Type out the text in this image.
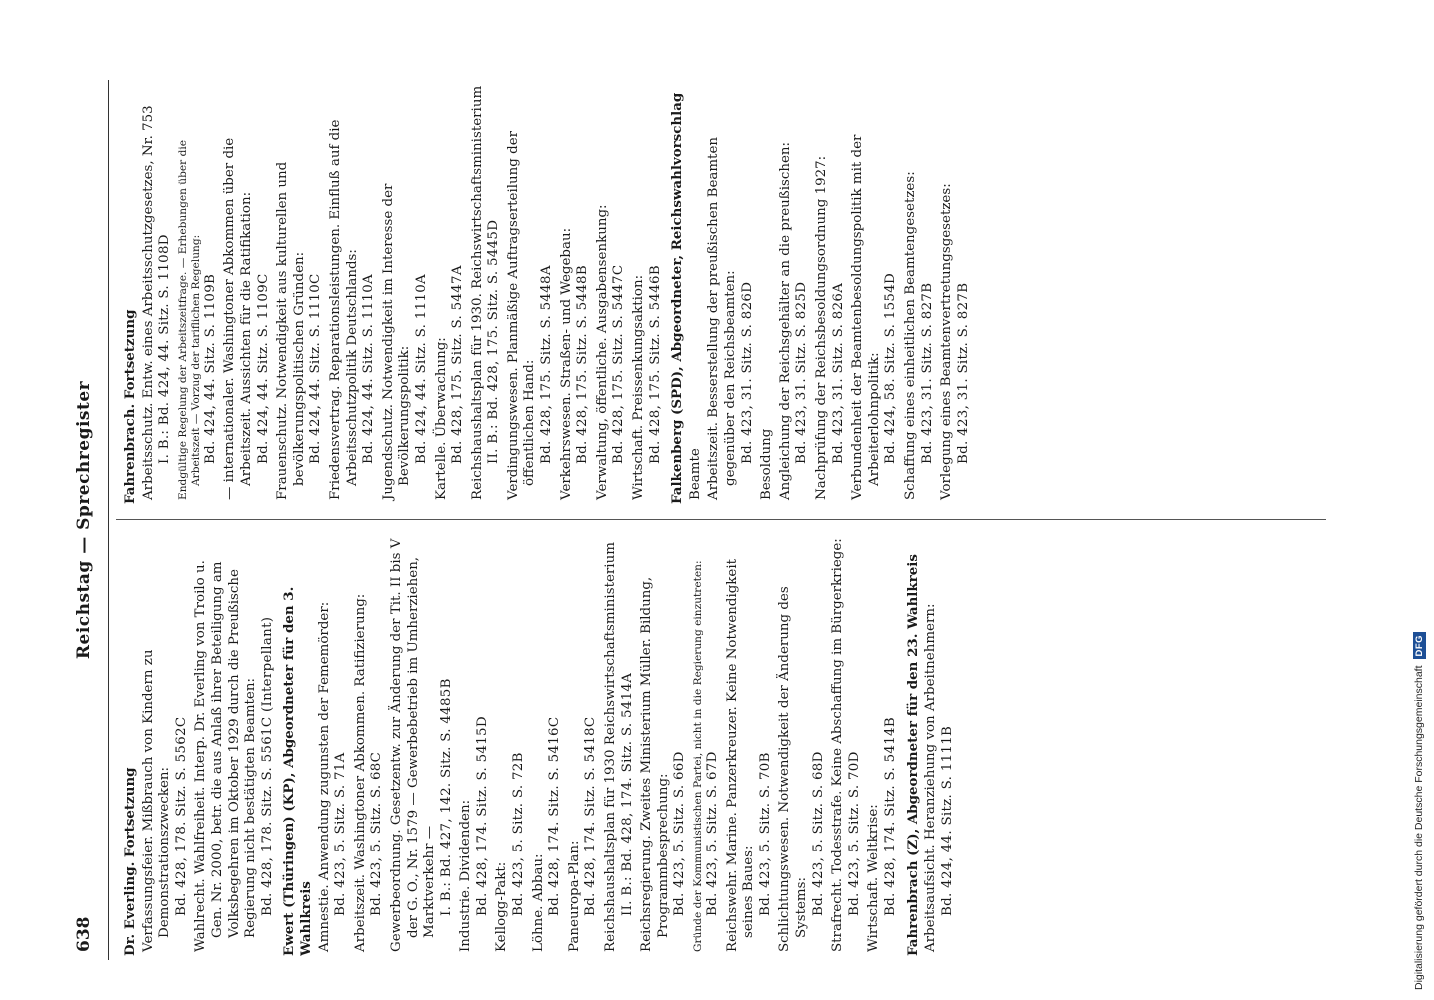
638
Reichstag — Sprechregister
Dr. Everling. Fortsetzung Verfassungsfeier. Mißbrauch von Kindern zu Demonstrationszwecken: Bd. 428, 178. Sitz. S. 5562C Wahlrecht. Wahlfreiheit. Interp. Dr. Everling von Troilo u. Gen. Nr. 2000, betr. die aus Anlaß ihrer Beteiligung am Volksbegehren im Oktober 1929 durch die Preußische Regierung nicht bestätigten Beamten: Bd. 428, 178. Sitz. S. 5561C (Interpellant) Ewert (Thüringen) (KP), Abgeordneter für den 3. Wahlkreis Amnestie. Anwendung zugunsten der Fememörder: Bd. 423, 5. Sitz. S. 71A Arbeitszeit. Washingtoner Abkommen. Ratifizierung: Bd. 423, 5. Sitz. S. 68C Gewerbeordnung. Gesetzentw. zur Änderung der Tit. II bis V der G. O., Nr. 1579 — Gewerbebetrieb im Umherziehen, Marktverkehr — I. B.: Bd. 427, 142. Sitz. S. 4485B Industrie. Dividenden: Bd. 428, 174. Sitz. S. 5415D Kellogg-Pakt: Bd. 423, 5. Sitz. S. 72B Löhne. Abbau: Bd. 428, 174. Sitz. S. 5416C Paneuropa-Plan: Bd. 428, 174. Sitz. S. 5418C Reichshaushaltsplan für 1930 Reichswirtschaftsministerium II. B.: Bd. 428, 174. Sitz. S. 5414A Reichsregierung. Zweites Ministerium Müller. Bildung, Programmbesprechung: Bd. 423, 5. Sitz. S. 66D Gründe der Kommunistischen Partei, nicht in die Regierung einzutreten: Bd. 423, 5. Sitz. S. 67D Reichswehr. Marine. Panzerkreuzer. Keine Notwendigkeit seines Baues: Bd. 423, 5. Sitz. S. 70B Schlichtungswesen. Notwendigkeit der Änderung des Systems: Bd. 423, 5. Sitz. S. 68D Strafrecht. Todesstrafe. Keine Abschaffung im Bürgerkriege: Bd. 423, 5. Sitz. S. 70D Wirtschaft. Weltkrise: Bd. 428, 174. Sitz. S. 5414B Fahrenbrach (Z), Abgeordneter für den 23. Wahlkreis Arbeitsaufsicht. Heranziehung von Arbeitnehmern: Bd. 424, 44. Sitz. S. 1111B
Fahrenbrach. Fortsetzung Arbeitsschutz. Entw. eines Arbeitsschutzgesetzes, Nr. 753 I. B.: Bd. 424, 44. Sitz. S. 1108D Endgültige Regelung der Arbeitszeitfrage. — Erhebungen über die Arbeitszeit — Vorzug der tariflichen Regelung: Bd. 424, 44. Sitz. S. 1109B — internationaler. Washingtoner Abkommen über die Arbeitszeit. Aussichten für die Ratifikation: Bd. 424, 44. Sitz. S. 1109C Frauenschutz. Notwendigkeit aus kulturellen und bevölkerungspolitischen Gründen: Bd. 424, 44. Sitz. S. 1110C Friedensvertrag. Reparationsleistungen. Einfluß auf die Arbeitsschutzpolitik Deutschlands: Bd. 424, 44. Sitz. S. 1110A Jugendschutz. Notwendigkeit im Interesse der Bevölkerungspolitik: Bd. 424, 44. Sitz. S. 1110A Kartelle. Überwachung: Bd. 428, 175. Sitz. S. 5447A Reichshaushaltsplan für 1930. Reichswirtschaftsministerium II. B.: Bd. 428, 175. Sitz. S. 5445D Verdingungswesen. Planmäßige Auftragserteilung der öffentlichen Hand: Bd. 428, 175. Sitz. S. 5448A Verkehrswesen. Straßen- und Wegebau: Bd. 428, 175. Sitz. S. 5448B Verwaltung, öffentliche. Ausgabensenkung: Bd. 428, 175. Sitz. S. 5447C Wirtschaft. Preissenkungsaktion: Bd. 428, 175. Sitz. S. 5446B Falkenberg (SPD), Abgeordneter, Reichswahlvorschlag Beamte Arbeitszeit. Besserstellung der preußischen Beamten gegenüber den Reichsbeamten: Bd. 423, 31. Sitz. S. 826D
Besoldung Angleichung der Reichsgehälter an die preußischen: Bd. 423, 31. Sitz. S. 825D Nachprüfung der Reichsbesoldungsordnung 1927: Bd. 423, 31. Sitz. S. 826A Verbundenheit der Beamtenbesoldungspolitik mit der Arbeiterlohnpolitik: Bd. 424, 58. Sitz. S. 1554D Schaffung eines einheitlichen Beamtengesetzes: Bd. 423, 31. Sitz. S. 827B Vorlegung eines Beamtenvertretungsgesetzes: Bd. 423, 31. Sitz. S. 827B
Digitalisierung gefördert durch die Deutsche Forschungsgemeinschaft
DFG
